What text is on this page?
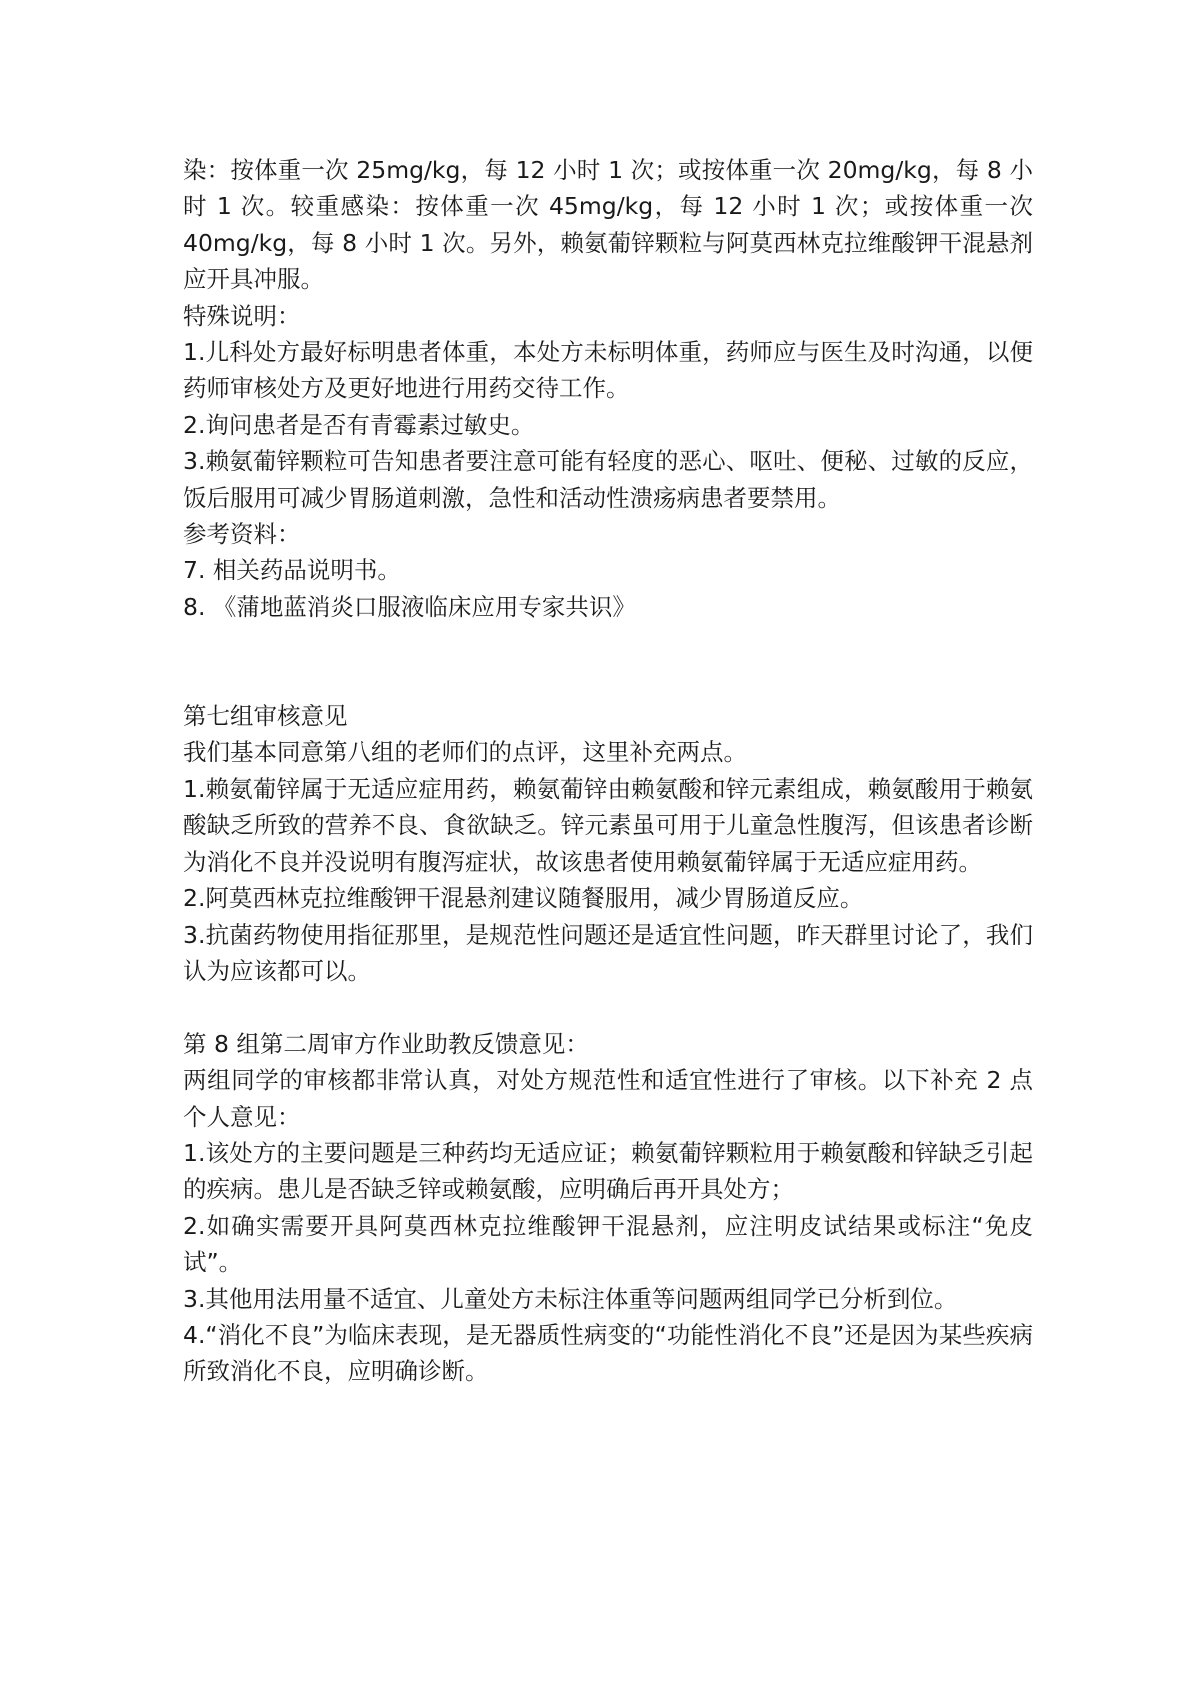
染：按体重一次 25mg/kg，每 12 小时 1 次；或按体重一次 20mg/kg，每 8 小时 1 次。较重感染：按体重一次 45mg/kg，每 12 小时 1 次；或按体重一次 40mg/kg，每 8 小时 1 次。另外，赖氨葡锌颗粒与阿莫西林克拉维酸钾干混悬剂应开具冲服。

特殊说明：

1.儿科处方最好标明患者体重，本处方未标明体重，药师应与医生及时沟通，以便药师审核处方及更好地进行用药交待工作。

2.询问患者是否有青霉素过敏史。

3.赖氨葡锌颗粒可告知患者要注意可能有轻度的恶心、呕吐、便秘、过敏的反应，饭后服用可减少胃肠道刺激，急性和活动性溃疡病患者要禁用。

参考资料：

7. 相关药品说明书。

8. 《蒲地蓝消炎口服液临床应用专家共识》

第七组审核意见

我们基本同意第八组的老师们的点评，这里补充两点。

1.赖氨葡锌属于无适应症用药，赖氨葡锌由赖氨酸和锌元素组成，赖氨酸用于赖氨酸缺乏所致的营养不良、食欲缺乏。锌元素虽可用于儿童急性腹泻，但该患者诊断为消化不良并没说明有腹泻症状，故该患者使用赖氨葡锌属于无适应症用药。

2.阿莫西林克拉维酸钾干混悬剂建议随餐服用，减少胃肠道反应。

3.抗菌药物使用指征那里，是规范性问题还是适宜性问题，昨天群里讨论了，我们认为应该都可以。

第 8 组第二周审方作业助教反馈意见：

两组同学的审核都非常认真，对处方规范性和适宜性进行了审核。以下补充 2 点个人意见：

1.该处方的主要问题是三种药均无适应证；赖氨葡锌颗粒用于赖氨酸和锌缺乏引起的疾病。患儿是否缺乏锌或赖氨酸，应明确后再开具处方；

2.如确实需要开具阿莫西林克拉维酸钾干混悬剂，应注明皮试结果或标注“免皮试”。

3.其他用法用量不适宜、儿童处方未标注体重等问题两组同学已分析到位。

4.“消化不良”为临床表现，是无器质性病变的“功能性消化不良”还是因为某些疾病所致消化不良，应明确诊断。
